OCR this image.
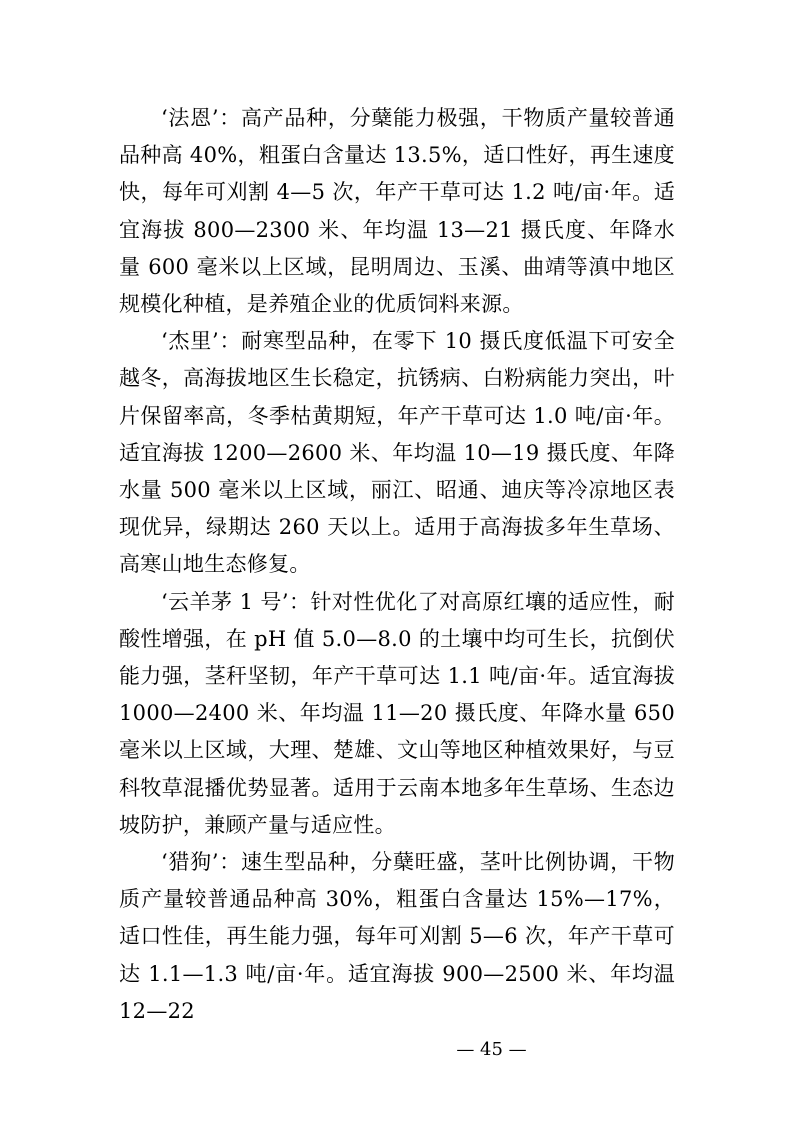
‘法恩’：高产品种，分蘖能力极强，干物质产量较普通品种高 40%，粗蛋白含量达 13.5%，适口性好，再生速度快，每年可刈割 4—5 次，年产干草可达 1.2 吨/亩·年。适宜海拔 800—2300 米、年均温 13—21 摄氏度、年降水量 600 毫米以上区域，昆明周边、玉溪、曲靖等滇中地区规模化种植，是养殖企业的优质饲料来源。

‘杰里’：耐寒型品种，在零下 10 摄氏度低温下可安全越冬，高海拔地区生长稳定，抗锈病、白粉病能力突出，叶片保留率高，冬季枯黄期短，年产干草可达 1.0 吨/亩·年。适宜海拔 1200—2600 米、年均温 10—19 摄氏度、年降水量 500 毫米以上区域，丽江、昭通、迪庆等冷凉地区表现优异，绿期达 260 天以上。适用于高海拔多年生草场、高寒山地生态修复。

‘云羊茅 1 号’：针对性优化了对高原红壤的适应性，耐酸性增强，在 pH 值 5.0—8.0 的土壤中均可生长，抗倒伏能力强，茎秆坚韧，年产干草可达 1.1 吨/亩·年。适宜海拔 1000—2400 米、年均温 11—20 摄氏度、年降水量 650 毫米以上区域，大理、楚雄、文山等地区种植效果好，与豆科牧草混播优势显著。适用于云南本地多年生草场、生态边坡防护，兼顾产量与适应性。

‘猎狗’：速生型品种，分蘖旺盛，茎叶比例协调，干物质产量较普通品种高 30%，粗蛋白含量达 15%—17%，适口性佳，再生能力强，每年可刈割 5—6 次，年产干草可达 1.1—1.3 吨/亩·年。适宜海拔 900—2500 米、年均温 12—22

— 45 —
